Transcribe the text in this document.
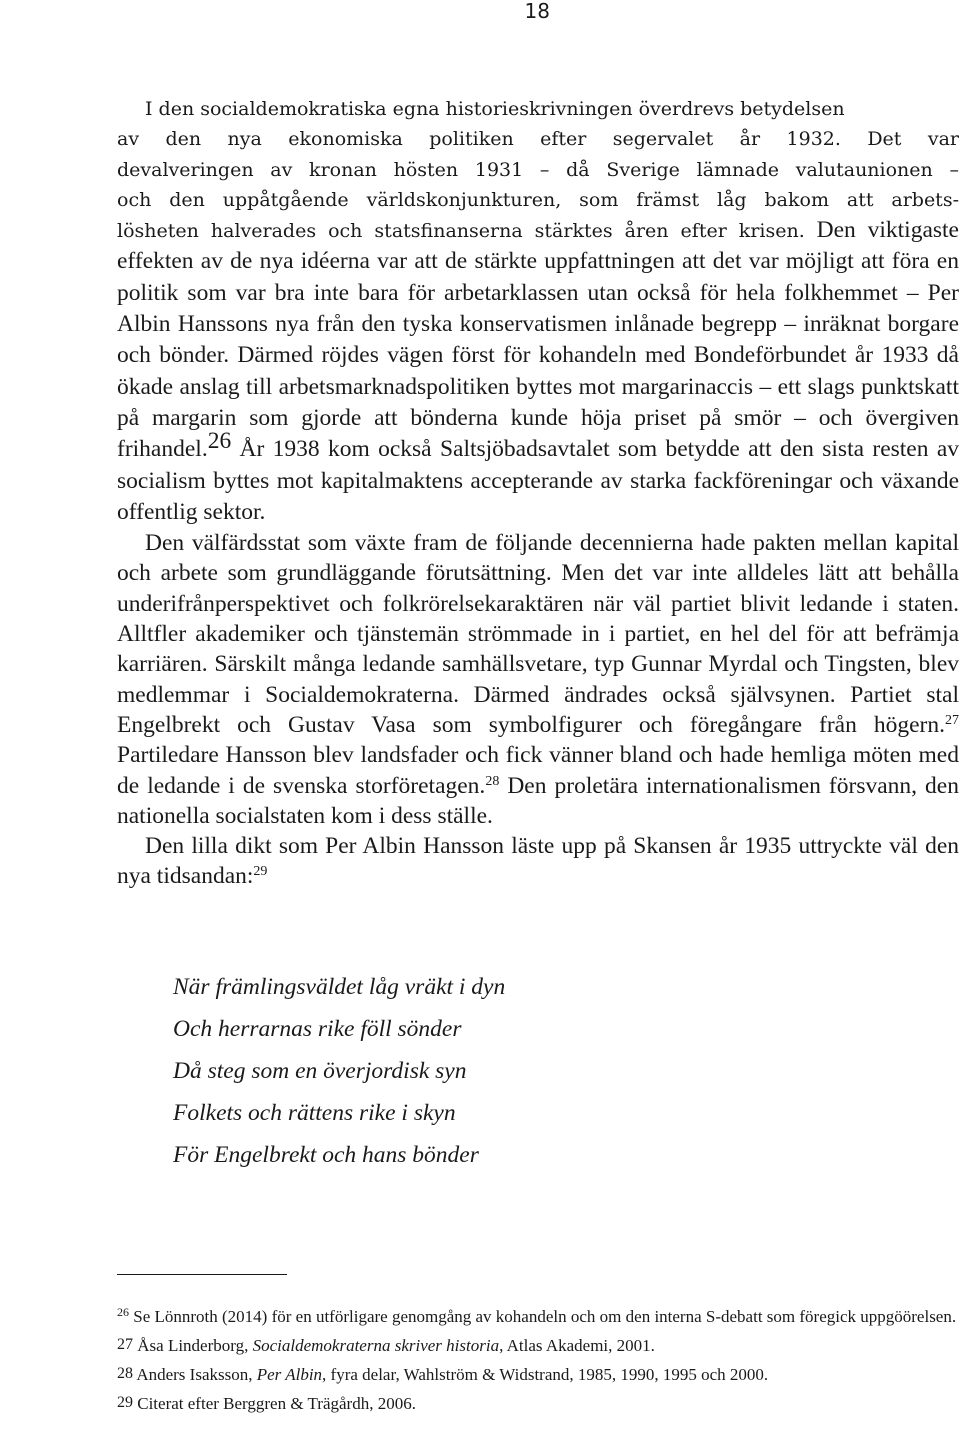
18

I den socialdemokratiska egna historieskrivningen överdrevs betydelsen
av den nya ekonomiska politiken efter segervalet år 1932. Det var
devalveringen av kronan hösten 1931 – då Sverige lämnade valutaunionen –
och den uppåtgående världskonjunkturen, som främst låg bakom att arbets-
lösheten halverades och statsfinanserna stärktes åren efter krisen. Den viktigaste effekten av de nya idéerna var att de stärkte uppfattningen att det var möjligt att föra en politik som var bra inte bara för arbetarklassen utan också för hela folkhemmet – Per Albin Hanssons nya från den tyska konservatismen inlånade begrepp – inräknat borgare och bönder. Därmed röjdes vägen först för kohandeln med Bondeförbundet år 1933 då ökade anslag till arbetsmarknadspolitiken byttes mot margarinaccis – ett slags punktskatt på margarin som gjorde att bönderna kunde höja priset på smör – och övergiven frihandel.$^{26}$ År 1938 kom också Saltsjöbadsavtalet som betydde att den sista resten av socialism byttes mot kapitalmaktens accepterande av starka fackföreningar och växande offentlig sektor.

Den välfärdsstat som växte fram de följande decennierna hade pakten mellan kapital och arbete som grundläggande förutsättning. Men det var inte alldeles lätt att behålla underifrånperspektivet och folkrörelsekaraktären när väl partiet blivit ledande i staten. Alltfler akademiker och tjänstemän strömmade in i partiet, en hel del för att befrämja karriären. Särskilt många ledande samhällsvetare, typ Gunnar Myrdal och Tingsten, blev medlemmar i Socialdemokraterna. Därmed ändrades också självsynen. Partiet stal Engelbrekt och Gustav Vasa som symbolfigurer och föregångare från högern.$^{27}$ Partiledare Hansson blev landsfader och fick vänner bland och hade hemliga möten med de ledande i de svenska storföretagen.$^{28}$ Den proletära internationalismen försvann, den nationella socialstaten kom i dess ställe.

Den lilla dikt som Per Albin Hansson läste upp på Skansen år 1935 uttryckte väl den nya tidsandan:$^{29}$

När främlingsväldet låg vräkt i dyn
Och herrarnas rike föll sönder
Då steg som en överjordisk syn
Folkets och rättens rike i skyn
För Engelbrekt och hans bönder

$^{26}$ Se Lönnroth (2014) för en utförligare genomgång av kohandeln och om den interna S-debatt som föregick uppgöörelsen.

27 Åsa Linderborg, Socialdemokraterna skriver historia, Atlas Akademi, 2001.

28 Anders Isaksson, Per Albin, fyra delar, Wahlström & Widstrand, 1985, 1990, 1995 och 2000.

29 Citerat efter Berggren & Trägårdh, 2006.
